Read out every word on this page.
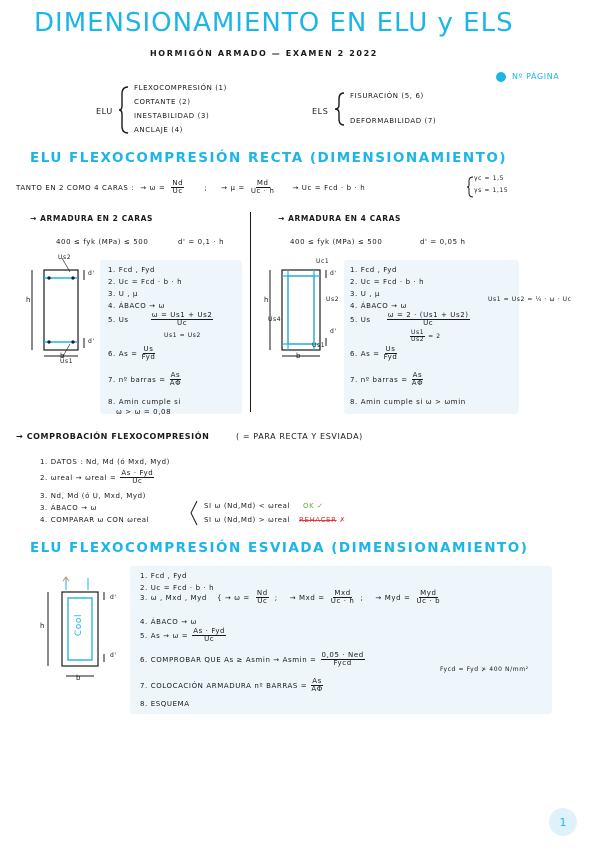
DIMENSIONAMIENTO EN ELU y ELS
HORMIGÓN ARMADO — EXAMEN 2 2022
Nº PÁGINA
ELU
FLEXOCOMPRESIÓN (1)
CORTANTE (2)
INESTABILIDAD (3)
ANCLAJE (4)
ELS
FISURACIÓN (5, 6)
DEFORMABILIDAD (7)
ELU FLEXOCOMPRESIÓN RECTA (DIMENSIONAMIENTO)
TANTO EN 2 COMO 4 CARAS : → $\omega = \frac{Nd}{Uc}$	; → $\mu = \frac{Md}{Uc \cdot h}$	→ Uc = Fcd · b · h
γc = 1,5
γs = 1,15
→ ARMADURA EN 2 CARAS
400 ≤ fyk (MPa) ≤ 500	d' = 0,1 · h
Us2
Us1
d'
d'
h
b
1. Fcd , Fyd
2. Uc = Fcd · b · h
3. U , μ
4. ÁBACO → ω
5. Us	$\frac{\omega = Us1 + Us2}{Uc}$
Us1 = Us2
6. $As = \frac{Us}{\text{Fyd}}$
7. nº barras = $\frac{As}{A\Phi}$
8. Amin cumple si
ω > ω = 0,08
→ ARMADURA EN 4 CARAS
400 ≤ fyk (MPa) ≤ 500	d' = 0,05 h
Uc1
Us1
Us2
Us4
d'
d'
h
b
1. Fcd , Fyd
2. Uc = Fcd · b · h
3. U , μ
4. ÁBACO → ω
5. Us $\frac{\omega = 2 \cdot (Us1 + Us2)}{Uc}$
$\frac{Us1}{Us2} = 2$
Us1 = Us2 = ¼ · ω · Uc
6. $As = \frac{Us}{\text{Fyd}}$
7. nº barras = $\frac{As}{A\Phi}$
8. Amin cumple si ω > ωmin
→ COMPROBACIÓN FLEXOCOMPRESIÓN	( = PARA RECTA Y ESVIADA)
1. DATOS : Nd, Md (ó Mxd, Myd)
2. ωreal → ωreal = $\frac{\text{As · Fyd}}{Uc}$
3. Nd, Md (ó U, Mxd, Myd)
3. ÁBACO → ω
4. COMPARAR ω CON ωreal
SI ω (Nd,Md) < ωreal OK ✓
SI ω (Nd,Md) > ωreal REHACER ✗
ELU FLEXOCOMPRESIÓN ESVIADA (DIMENSIONAMIENTO)
Cool
d'
d'
h
b
1. Fcd , Fyd
2. Uc = Fcd · b · h
3. ω , Mxd , Myd { → $\omega = \frac{Nd}{Uc}$ ; → Mxd = $\frac{\text{Mxd}}{Uc \cdot h}$ ; → Myd = $\frac{\text{Myd}}{Uc \cdot b}$
4. ÁBACO → ω
5. $As \to \omega = \frac{\text{As · Fyd}}{Uc}$
6. COMPROBAR QUE $As \ge Asmin \to Asmin = \frac{\text{0,05 · Ned}}{\text{Fycd}}$
Fycd = Fyd ≯ 400 N/mm²
7. COLOCACIÓN ARMADURA nº BARRAS = $\frac{As}{A\Phi}$
8. ESQUEMA
1
